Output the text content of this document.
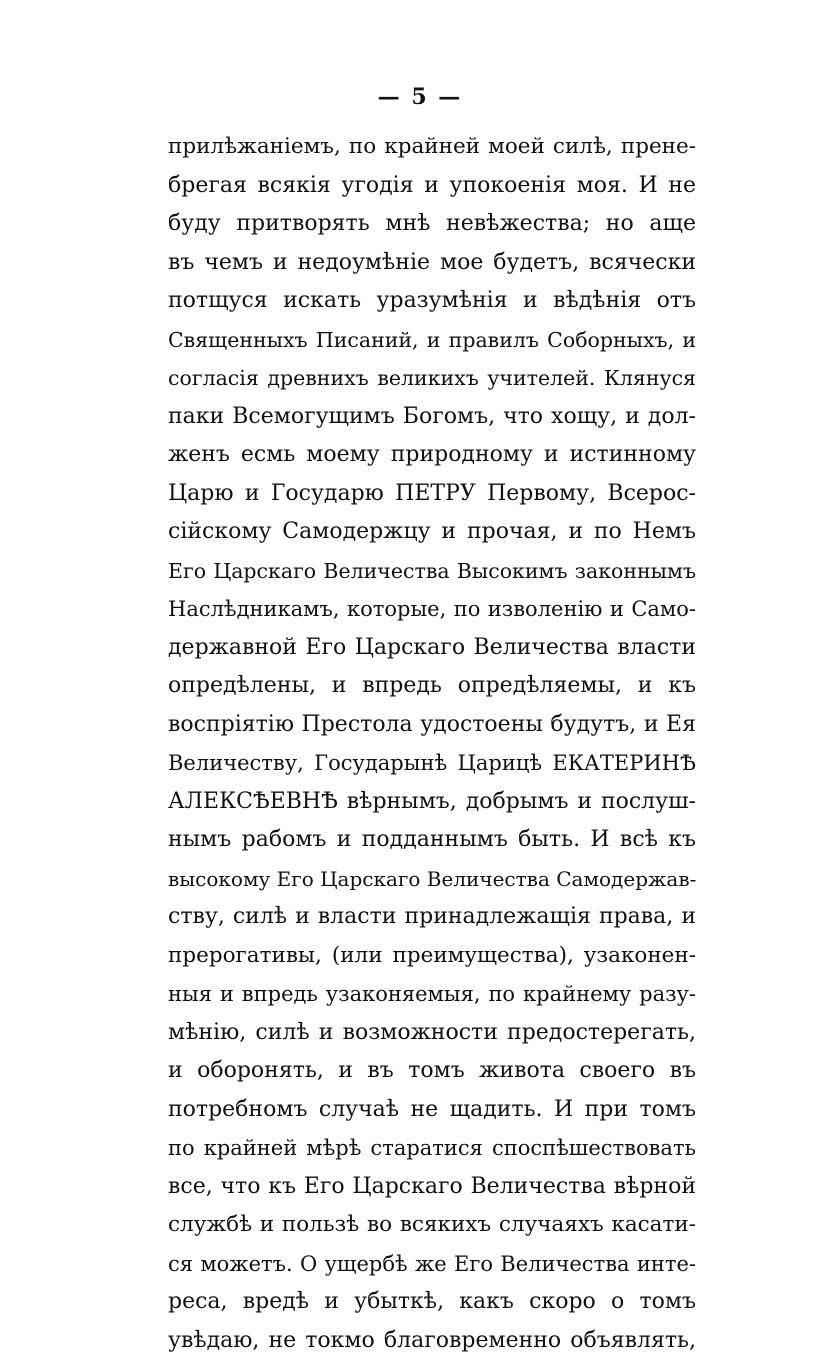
— 5 —
прилѣжанiемъ, по крайней моей силѣ, прене-
брегая всякiя угодiя и упокоенiя моя. И не
буду притворять мнѣ невѣжества; но аще
въ чемъ и недоумѣнiе мое будетъ, всячески
потщуся искать уразумѣнiя и вѣдѣнiя отъ
Священныхъ Писаний, и правилъ Соборныхъ, и
согласiя древнихъ великихъ учителей. Клянуся
паки Всемогущимъ Богомъ, что хощу, и дол-
женъ есмь моему природному и истинному
Царю и Государю ПЕТРУ Первому, Всерос-
сiйскому Самодержцу и прочая, и по Немъ
Его Царскаго Величества Высокимъ законнымъ
Наслѣдникамъ, которые, по изволенiю и Само-
державной Его Царскаго Величества власти
опредѣлены, и впредь опредѣляемы, и къ
воспрiятiю Престола удостоены будутъ, и Ея
Величеству, Государынѣ Царицѣ ЕКАТЕРИНѢ
АЛЕКСѢЕВНѢ вѣрнымъ, добрымъ и послуш-
нымъ рабомъ и подданнымъ быть. И всѣ къ
высокому Его Царскаго Величества Самодержав-
ству, силѣ и власти принадлежащiя права, и
прерогативы, (или преимущества), узаконен-
ныя и впредь узаконяемыя, по крайнему разу-
мѣнiю, силѣ и возможности предостерегать,
и оборонять, и въ томъ живота своего въ
потребномъ случаѣ не щадить. И при томъ
по крайней мѣрѣ старатися споспѣшествовать
все, что къ Его Царскаго Величества вѣрной
службѣ и пользѣ во всякихъ случаяхъ касати-
ся можетъ. О ущербѣ же Его Величества инте-
реса, вредѣ и убыткѣ, какъ скоро о томъ
увѣдаю, не токмо благовременно объявлять,
